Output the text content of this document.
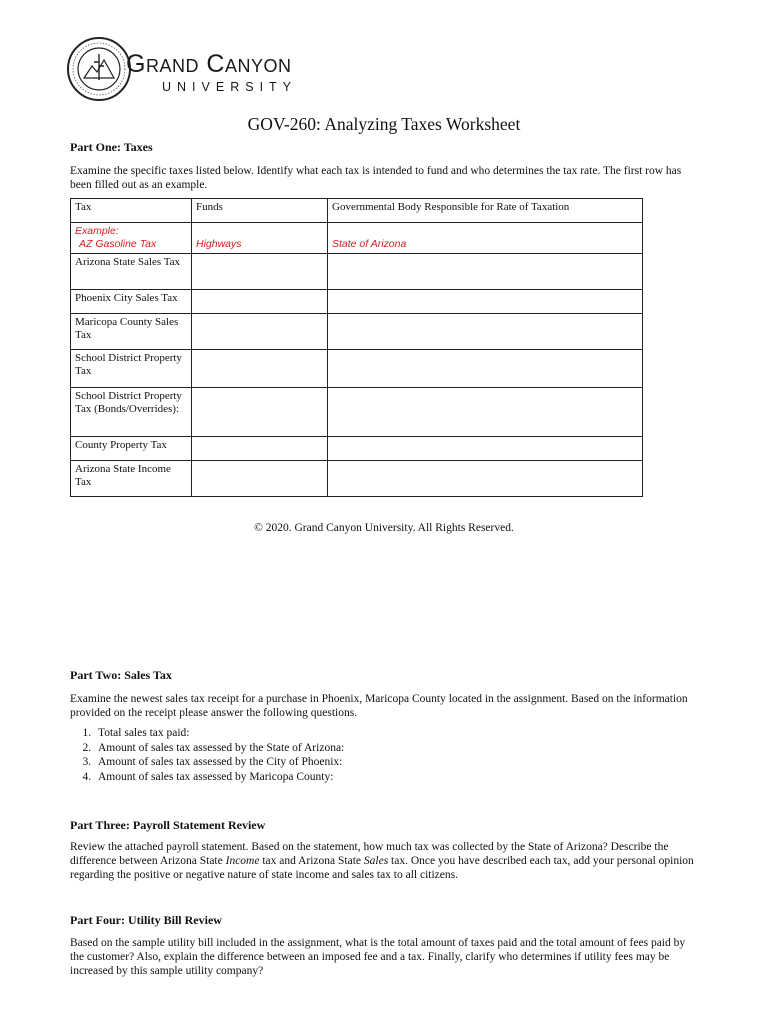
Grand Canyon
UNIVERSITY
GOV-260: Analyzing Taxes Worksheet
Part One: Taxes
Examine the specific taxes listed below. Identify what each tax is intended to fund and who determines the tax rate. The first row has been filled out as an example.
Tax	Funds	Governmental Body Responsible for Rate of Taxation

Example:
AZ Gasoline Tax	Highways	State of Arizona
Arizona State Sales Tax		
Phoenix City Sales Tax		
Maricopa County Sales Tax		
School District Property Tax		
School District Property Tax (Bonds/Overrides):		
County Property Tax		
Arizona State Income Tax		
© 2020. Grand Canyon University. All Rights Reserved.
Part Two: Sales Tax
Examine the newest sales tax receipt for a purchase in Phoenix, Maricopa County located in the assignment. Based on the information provided on the receipt please answer the following questions.
1. Total sales tax paid:
2. Amount of sales tax assessed by the State of Arizona:
3. Amount of sales tax assessed by the City of Phoenix:
4. Amount of sales tax assessed by Maricopa County:
Part Three: Payroll Statement Review
Review the attached payroll statement. Based on the statement, how much tax was collected by the State of Arizona? Describe the difference between Arizona State Income tax and Arizona State Sales tax. Once you have described each tax, add your personal opinion regarding the positive or negative nature of state income and sales tax to all citizens.
Part Four: Utility Bill Review
Based on the sample utility bill included in the assignment, what is the total amount of taxes paid and the total amount of fees paid by the customer? Also, explain the difference between an imposed fee and a tax. Finally, clarify who determines if utility fees may be increased by this sample utility company?
